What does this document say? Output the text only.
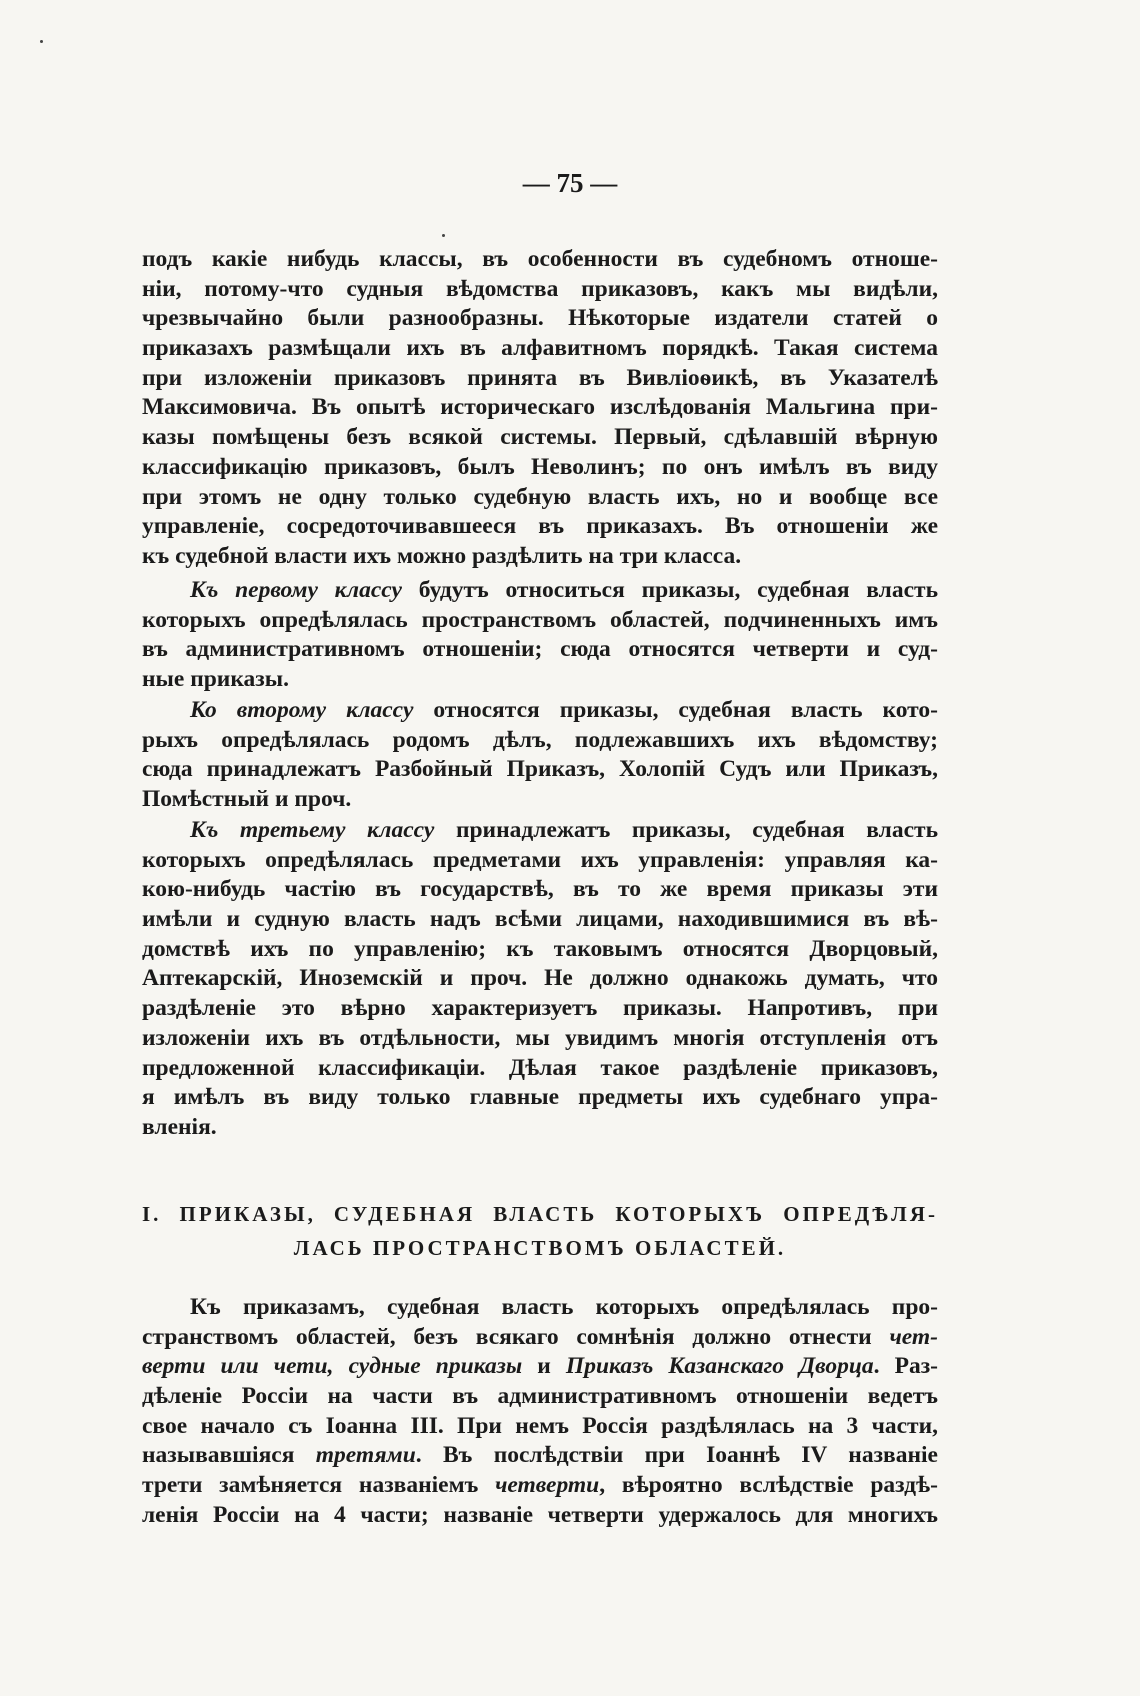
— 75 —
подъ какіе нибудь классы, въ особенности въ судебномъ отноше-
ніи, потому-что судныя вѣдомства приказовъ, какъ мы видѣли,
чрезвычайно были разнообразны. Нѣкоторые издатели статей о
приказахъ размѣщали ихъ въ алфавитномъ порядкѣ. Такая система
при изложеніи приказовъ принята въ Вивліоѳикѣ, въ Указателѣ
Максимовича. Въ опытѣ историческаго изслѣдованія Мальгина при-
казы помѣщены безъ всякой системы. Первый, сдѣлавшій вѣрную
классификацію приказовъ, былъ Неволинъ; по онъ имѣлъ въ виду
при этомъ не одну только судебную власть ихъ, но и вообще все
управленіе, сосредоточивавшееся въ приказахъ. Въ отношеніи же
къ судебной власти ихъ можно раздѣлить на три класса.
Къ первому классу будутъ относиться приказы, судебная власть
которыхъ опредѣлялась пространствомъ областей, подчиненныхъ имъ
въ административномъ отношеніи; сюда относятся четверти и суд-
ные приказы.
Ко второму классу относятся приказы, судебная власть кото-
рыхъ опредѣлялась родомъ дѣлъ, подлежавшихъ ихъ вѣдомству;
сюда принадлежатъ Разбойный Приказъ, Холопій Судъ или Приказъ,
Помѣстный и проч.
Къ третьему классу принадлежатъ приказы, судебная власть
которыхъ опредѣлялась предметами ихъ управленія: управляя ка-
кою-нибудь частію въ государствѣ, въ то же время приказы эти
имѣли и судную власть надъ всѣми лицами, находившимися въ вѣ-
домствѣ ихъ по управленію; къ таковымъ относятся Дворцовый,
Аптекарскій, Иноземскій и проч. Не должно однакожь думать, что
раздѣленіе это вѣрно характеризуетъ приказы. Напротивъ, при
изложеніи ихъ въ отдѣльности, мы увидимъ многія отступленія отъ
предложенной классификаціи. Дѣлая такое раздѣленіе приказовъ,
я имѣлъ въ виду только главные предметы ихъ судебнаго упра-
вленія.
I. ПРИКАЗЫ, СУДЕБНАЯ ВЛАСТЬ КОТОРЫХЪ ОПРЕДѢЛЯ-
ЛАСЬ ПРОСТРАНСТВОМЪ ОБЛАСТЕЙ.
Къ приказамъ, судебная власть которыхъ опредѣлялась про-
странствомъ областей, безъ всякаго сомнѣнія должно отнести чет-
верти или чети, судные приказы и Приказъ Казанскаго Дворца. Раз-
дѣленіе Россіи на части въ административномъ отношеніи ведетъ
свое начало съ Іоанна III. При немъ Россія раздѣлялась на 3 части,
называвшіяся третями. Въ послѣдствіи при Іоаннѣ IV названіе
трети замѣняется названіемъ четверти, вѣроятно вслѣдствіе раздѣ-
ленія Россіи на 4 части; названіе четверти удержалось для многихъ
